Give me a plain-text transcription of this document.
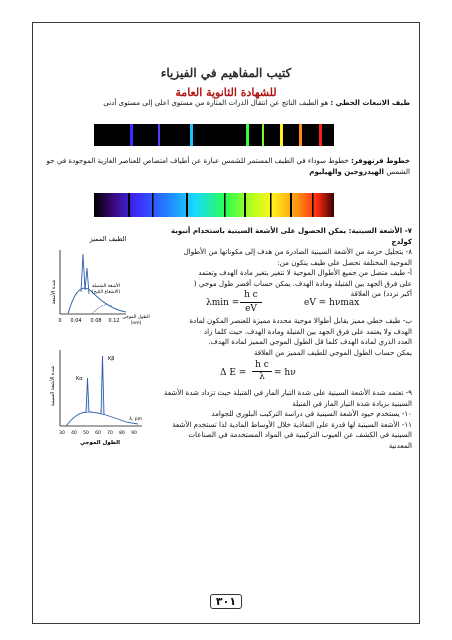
كتيب المفاهيم في الفيزياء
للشهادة الثانوية العامة
طيف الانبعاث الخطي : هو الطيف الناتج عن انتقال الذرات المثارة من مستوى اعلى إلى مستوى أدنى
خطوط فرنهوفر: خطوط سوداء في الطيف المستمر للشمس عبارة عن أطياف امتصاص للعناصر الغازية الموجودة في جو
الشمس الهيدروجين والهيليوم
٧- الأشعة السينية: يمكن الحصول على الأشعة السينية باستخدام أنبوبة كولدج
٨- يتحليل حزمة من الأشعة السينية الصادرة من هدف إلى مكوناتها من الأطوال
الموجية المختلفة نحصل على طيف يتكون من:
أ- طيف متصل من جميع الأطوال الموجية لا تتغير بتغير مادة الهدف وتعتمد
على فرق الجهد بين الفتيلة ومادة الهدف. يمكن حساب أقصر طول موجي (
أكبر تردد) من العلاقة
λmin =
h c
eV
eV = hνmax
ب- طيف خطي مميز يقابل أطوالا موجية محددة مميزة للعنصر المكون لمادة
الهدف ولا يعتمد على فرق الجهد بين الفتيلة ومادة الهدف. حيث كلما زاد
العدد الذري لمادة الهدف كلما قل الطول الموجي المميز لمادة الهدف.
يمكن حساب الطول الموجي للطيف المميز من العلاقة
Δ E =
h c
λ	= hν
٩- تعتمد شدة الأشعة السينية على شدة التيار المار في الفتيلة حيث تزداد شدة الأشعة
السينية بزيادة شدة التيار المار في الفتيلة
١٠- يستخدم حيود الأشعة السينية في دراسة التركيب البلوري للجوامد
١١- الأشعة السينية لها قدرة على النفاذية خلال الأوساط المادية لذا تستخدم الأشعة
السينية في الكشف عن العيوب التركيبية في المواد المستخدمة في الصناعات
المعدنية
الطيف المميز
شدة الأشعة	الأشعة المتصلة
(الاشعاع الكبح)
0 0.04 0.08 0.12
الطول الموجي
(nm)
شدة الأشعة السينية
Kβ
Kα
30 40 50 60 70 80 90
λ, pm
الطول الموجي
٣٠١
